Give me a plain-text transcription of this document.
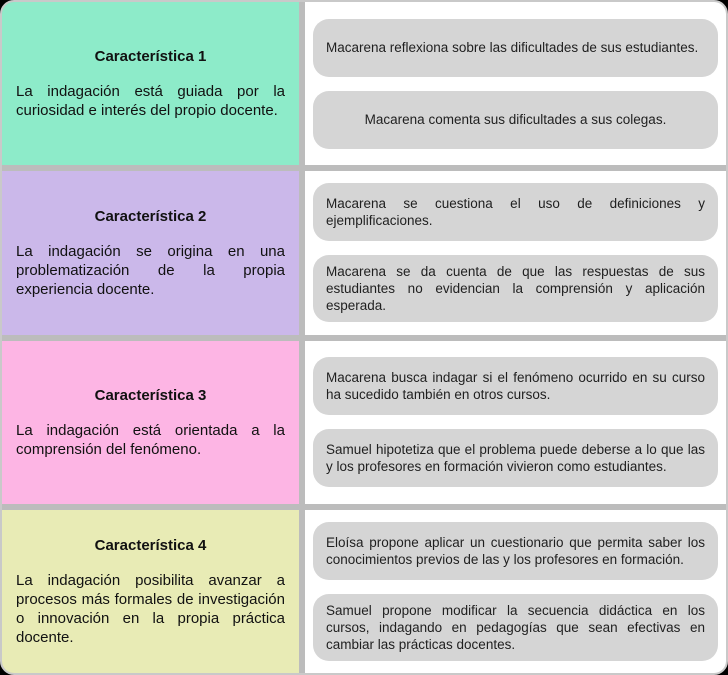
Característica 1

La indagación está guiada por la curiosidad e interés del propio docente.

Macarena reflexiona sobre las dificultades de sus estudiantes.
Macarena comenta sus dificultades a sus colegas.

Característica 2

La indagación se origina en una problematización de la propia experiencia docente.

Macarena se cuestiona el uso de definiciones y ejemplificaciones.
Macarena se da cuenta de que las respuestas de sus estudiantes no evidencian la comprensión y aplicación esperada.

Característica 3

La indagación está orientada a la comprensión del fenómeno.

Macarena busca indagar si el fenómeno ocurrido en su curso ha sucedido también en otros cursos.
Samuel hipotetiza que el problema puede deberse a lo que las y los profesores en formación vivieron como estudiantes.

Característica 4

La indagación posibilita avanzar a procesos más formales de investigación o innovación en la propia práctica docente.

Eloísa propone aplicar un cuestionario que permita saber los conocimientos previos de las y los profesores en formación.
Samuel propone modificar la secuencia didáctica en los cursos, indagando en pedagogías que sean efectivas en cambiar las prácticas docentes.
